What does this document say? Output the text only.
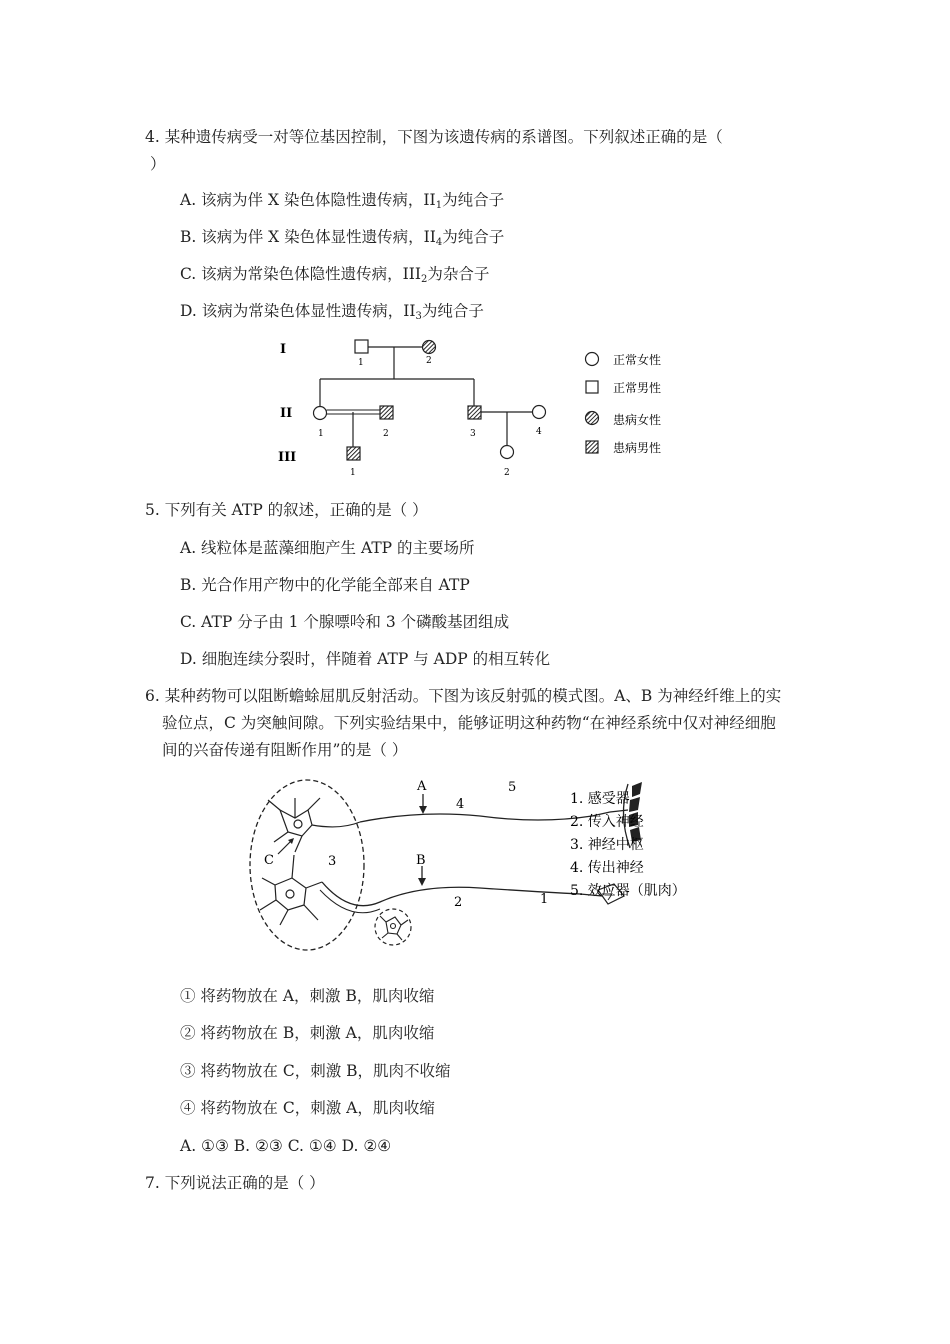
4. 某种遗传病受一对等位基因控制，下图为该遗传病的系谱图。下列叙述正确的是（
）
A. 该病为伴 X 染色体隐性遗传病，$II_1$为纯合子
B. 该病为伴 X 染色体显性遗传病，$II_4$为纯合子
C. 该病为常染色体隐性遗传病，$III_2$为杂合子
D. 该病为常染色体显性遗传病，$II_3$为纯合子
I
II
III
1	2
1	2	3	4
1	2
正常女性
正常男性
患病女性
患病男性
5. 下列有关 ATP 的叙述，正确的是（ ）
A. 线粒体是蓝藻细胞产生 ATP 的主要场所
B. 光合作用产物中的化学能全部来自 ATP
C. ATP 分子由 1 个腺嘌呤和 3 个磷酸基团组成
D. 细胞连续分裂时，伴随着 ATP 与 ADP 的相互转化
6. 某种药物可以阻断蟾蜍屈肌反射活动。下图为该反射弧的模式图。A、B 为神经纤维上的实
验位点，C 为突触间隙。下列实验结果中，能够证明这种药物“在神经系统中仅对神经细胞
间的兴奋传递有阻断作用”的是（ ）
A
B
C
1
2
3
4
5
1. 感受器
2. 传入神经
3. 神经中枢
4. 传出神经
5. 效应器（肌肉）
① 将药物放在 A，刺激 B，肌肉收缩
② 将药物放在 B，刺激 A，肌肉收缩
③ 将药物放在 C，刺激 B，肌肉不收缩
④ 将药物放在 C，刺激 A，肌肉收缩
A. ①③ B. ②③ C. ①④ D. ②④
7. 下列说法正确的是（ ）
